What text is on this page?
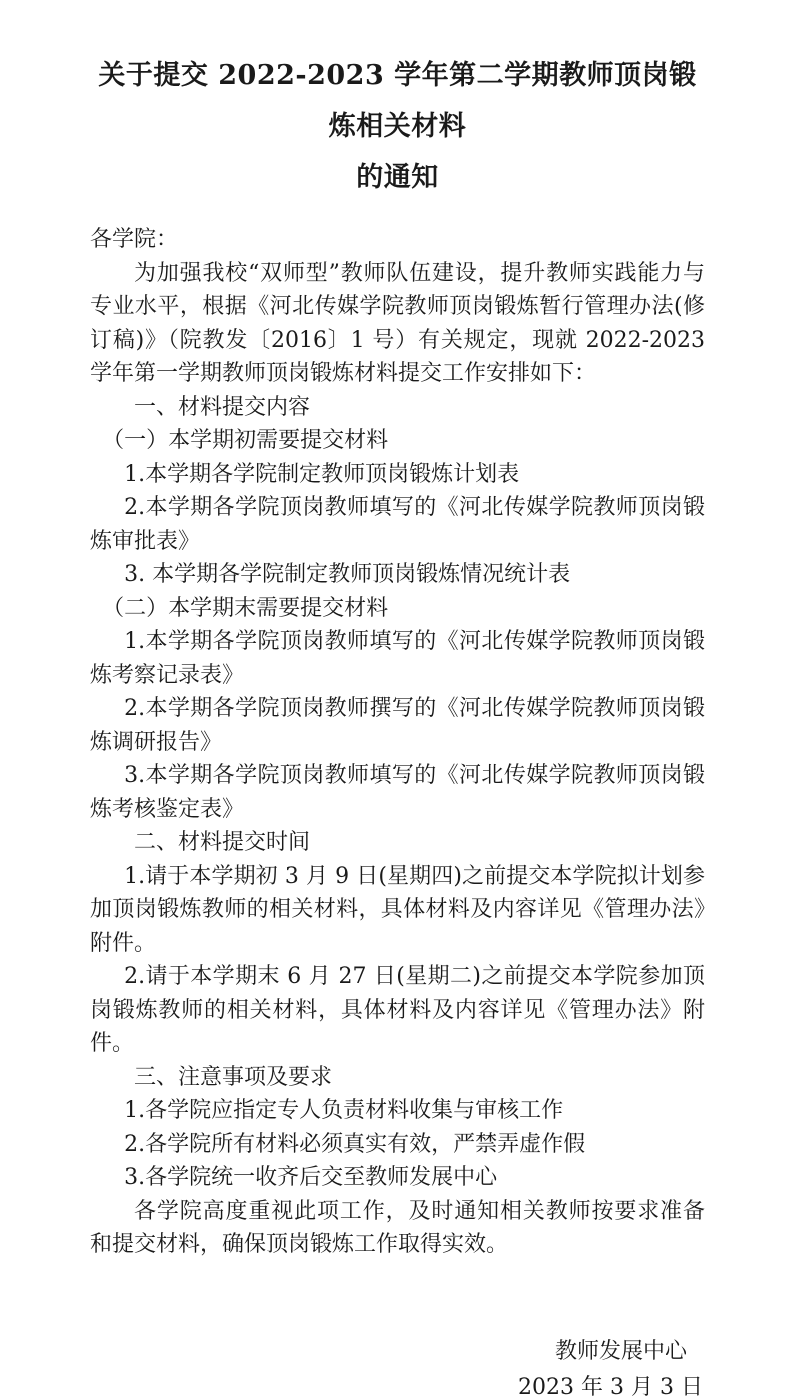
关于提交 2022-2023 学年第二学期教师顶岗锻炼相关材料
的通知

各学院：

为加强我校“双师型”教师队伍建设，提升教师实践能力与专业水平，根据《河北传媒学院教师顶岗锻炼暂行管理办法(修订稿)》（院教发〔2016〕1 号）有关规定，现就 2022-2023 学年第一学期教师顶岗锻炼材料提交工作安排如下：

一、材料提交内容

（一）本学期初需要提交材料

1.本学期各学院制定教师顶岗锻炼计划表

2.本学期各学院顶岗教师填写的《河北传媒学院教师顶岗锻炼审批表》

3. 本学期各学院制定教师顶岗锻炼情况统计表

（二）本学期末需要提交材料

1.本学期各学院顶岗教师填写的《河北传媒学院教师顶岗锻炼考察记录表》

2.本学期各学院顶岗教师撰写的《河北传媒学院教师顶岗锻炼调研报告》

3.本学期各学院顶岗教师填写的《河北传媒学院教师顶岗锻炼考核鉴定表》

二、材料提交时间

1.请于本学期初 3 月 9 日(星期四)之前提交本学院拟计划参加顶岗锻炼教师的相关材料，具体材料及内容详见《管理办法》附件。

2.请于本学期末 6 月 27 日(星期二)之前提交本学院参加顶岗锻炼教师的相关材料，具体材料及内容详见《管理办法》附件。

三、注意事项及要求

1.各学院应指定专人负责材料收集与审核工作

2.各学院所有材料必须真实有效，严禁弄虚作假

3.各学院统一收齐后交至教师发展中心

各学院高度重视此项工作，及时通知相关教师按要求准备和提交材料，确保顶岗锻炼工作取得实效。

教师发展中心

2023 年 3 月 3 日
